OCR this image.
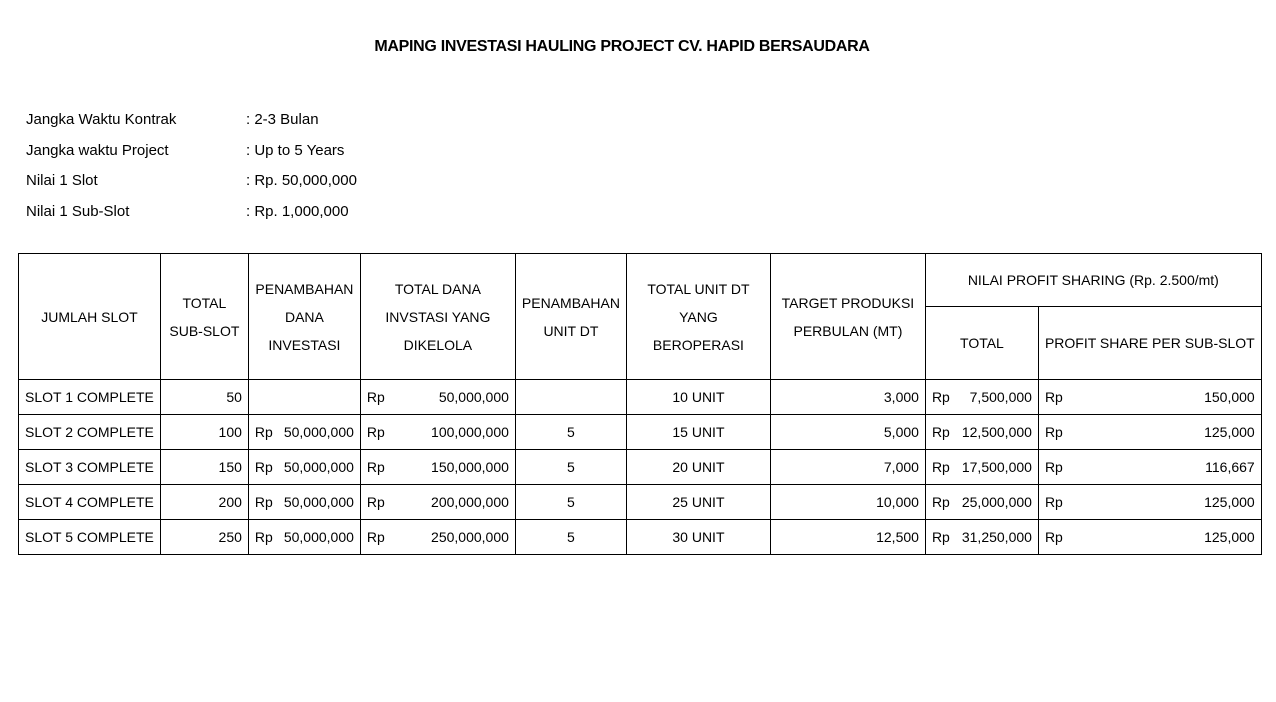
MAPING INVESTASI HAULING PROJECT CV. HAPID BERSAUDARA
Jangka Waktu Kontrak	: 2-3 Bulan
Jangka waktu Project	: Up to 5 Years
Nilai 1 Slot	: Rp. 50,000,000
Nilai 1 Sub-Slot	: Rp. 1,000,000
JUMLAH SLOT	TOTAL SUB-SLOT	PENAMBAHAN DANA INVESTASI	TOTAL DANA INVSTASI YANG DIKELOLA	PENAMBAHAN UNIT DT	TOTAL UNIT DT YANG BEROPERASI	TARGET PRODUKSI PERBULAN (MT)	NILAI PROFIT SHARING (Rp. 2.500/mt)	
							TOTAL	PROFIT SHARE PER SUB-SLOT
SLOT 1 COMPLETE	50		Rp 50,000,000		10 UNIT	3,000	Rp 7,500,000	Rp 150,000

SLOT 2 COMPLETE	100	Rp 50,000,000	Rp 100,000,000	5	15 UNIT	5,000	Rp 12,500,000	Rp 125,000

SLOT 3 COMPLETE	150	Rp 50,000,000	Rp 150,000,000	5	20 UNIT	7,000	Rp 17,500,000	Rp 116,667

SLOT 4 COMPLETE	200	Rp 50,000,000	Rp 200,000,000	5	25 UNIT	10,000	Rp 25,000,000	Rp 125,000

SLOT 5 COMPLETE	250	Rp 50,000,000	Rp 250,000,000	5	30 UNIT	12,500	Rp 31,250,000	Rp 125,000
